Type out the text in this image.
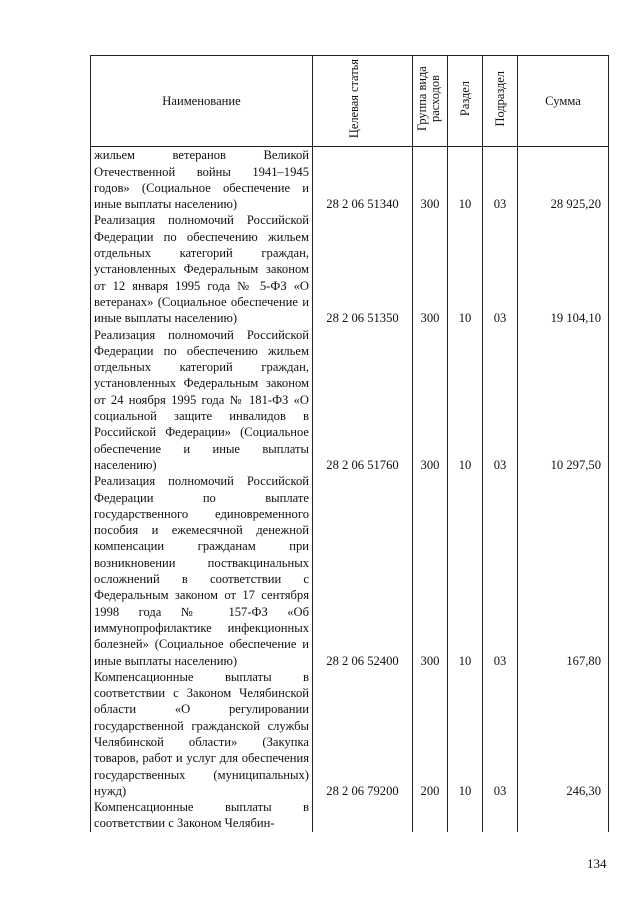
Наименование	Целевая статья	Группа вида расходов	Раздел	Подраздел	Сумма
жильем ветеранов Великой Отечественной войны 1941–1945 годов» (Социальное обеспечение и иные выплаты населению)	28 2 06 51340	300	10	03	28 925,20
Реализация полномочий Российской Федерации по обеспечению жильем отдельных категорий граждан, установленных Федеральным законом от 12 января 1995 года № 5-ФЗ «О ветеранах» (Социальное обеспечение и иные выплаты населению)	28 2 06 51350	300	10	03	19 104,10
Реализация полномочий Российской Федерации по обеспечению жильем отдельных категорий граждан, установленных Федеральным законом от 24 ноября 1995 года № 181-ФЗ «О социальной защите инвалидов в Российской Федерации» (Социальное обеспечение и иные выплаты населению)	28 2 06 51760	300	10	03	10 297,50
Реализация полномочий Российской Федерации по выплате государственного единовременного пособия и ежемесячной денежной компенсации гражданам при возникновении поствакцинальных осложнений в соответствии с Федеральным законом от 17 сентября 1998 года № 157-ФЗ «Об иммунопрофилактике инфекционных болезней» (Социальное обеспечение и иные выплаты населению)	28 2 06 52400	300	10	03	167,80
Компенсационные выплаты в соответствии с Законом Челябинской области «О регулировании государственной гражданской службы Челябинской области» (Закупка товаров, работ и услуг для обеспечения государственных (муниципальных) нужд)	28 2 06 79200	200	10	03	246,30
Компенсационные выплаты в соответствии с Законом Челябин-					
134
